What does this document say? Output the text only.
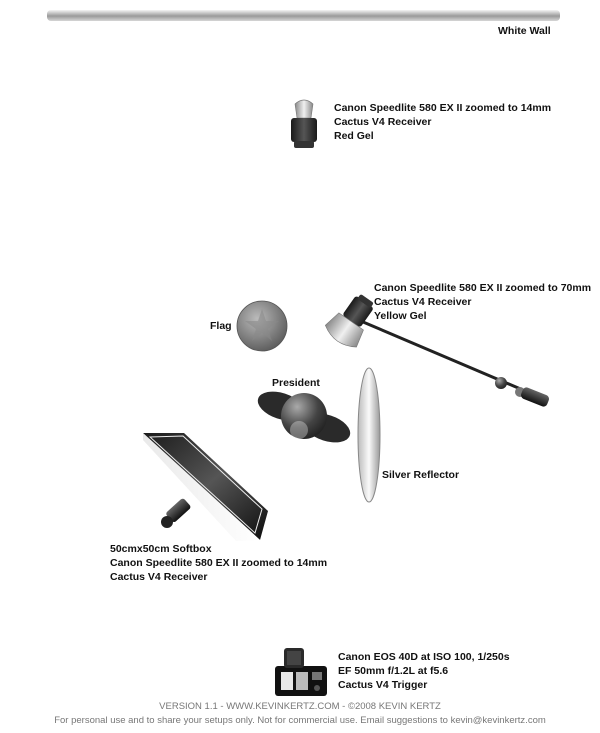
White Wall
Canon Speedlite 580 EX II zoomed to 14mm
Cactus V4 Receiver
Red Gel
Canon Speedlite 580 EX II zoomed to 70mm
Cactus V4 Receiver
Yellow Gel
Flag
President
Silver Reflector
50cmx50cm Softbox
Canon Speedlite 580 EX II zoomed to 14mm
Cactus V4 Receiver
Canon EOS 40D at ISO 100, 1/250s
EF 50mm f/1.2L at f5.6
Cactus V4 Trigger
VERSION 1.1 - WWW.KEVINKERTZ.COM - ©2008 KEVIN KERTZ
For personal use and to share your setups only. Not for commercial use. Email suggestions to kevin@kevinkertz.com
